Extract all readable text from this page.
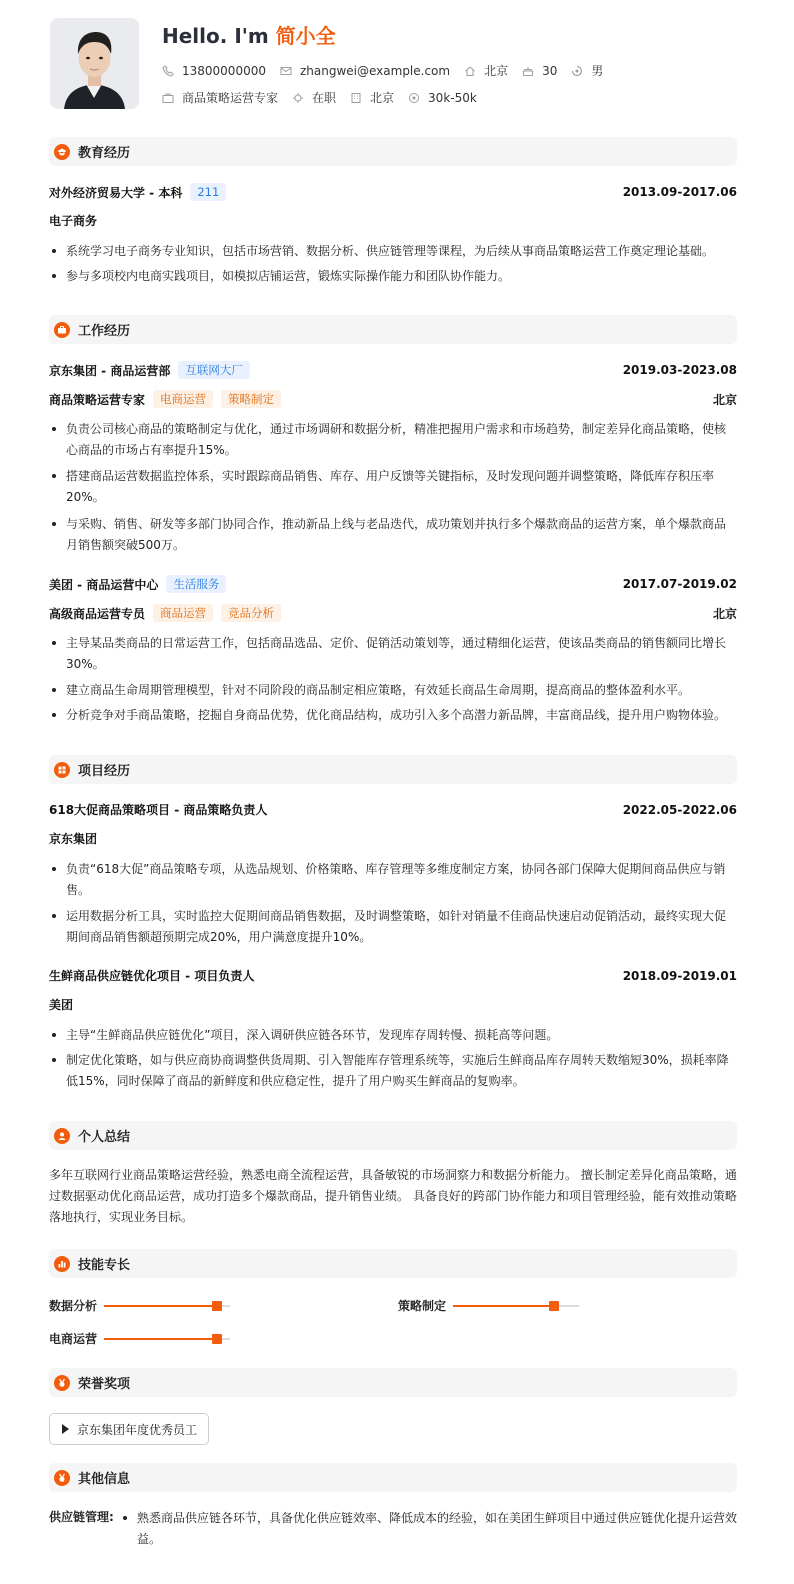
Hello. I'm 简小全
13800000000	zhangwei@example.com	北京	30	男
商品策略运营专家	在职	北京	30k-50k
教育经历
对外经济贸易大学 - 本科	211	2013.09-2017.06
电子商务
系统学习电子商务专业知识，包括市场营销、数据分析、供应链管理等课程，为后续从事商品策略运营工作奠定理论基础。
参与多项校内电商实践项目，如模拟店铺运营，锻炼实际操作能力和团队协作能力。
工作经历
京东集团 - 商品运营部	互联网大厂	2019.03-2023.08
商品策略运营专家	电商运营	策略制定	北京
负责公司核心商品的策略制定与优化，通过市场调研和数据分析，精准把握用户需求和市场趋势，制定差异化商品策略，使核心商品的市场占有率提升15%。
搭建商品运营数据监控体系，实时跟踪商品销售、库存、用户反馈等关键指标，及时发现问题并调整策略，降低库存积压率20%。
与采购、销售、研发等多部门协同合作，推动新品上线与老品迭代，成功策划并执行多个爆款商品的运营方案，单个爆款商品月销售额突破500万。
美团 - 商品运营中心	生活服务	2017.07-2019.02
高级商品运营专员	商品运营	竞品分析	北京
主导某品类商品的日常运营工作，包括商品选品、定价、促销活动策划等，通过精细化运营，使该品类商品的销售额同比增长30%。
建立商品生命周期管理模型，针对不同阶段的商品制定相应策略，有效延长商品生命周期，提高商品的整体盈利水平。
分析竞争对手商品策略，挖掘自身商品优势，优化商品结构，成功引入多个高潜力新品牌，丰富商品线，提升用户购物体验。
项目经历
618大促商品策略项目 - 商品策略负责人	2022.05-2022.06
京东集团
负责“618大促”商品策略专项，从选品规划、价格策略、库存管理等多维度制定方案，协同各部门保障大促期间商品供应与销售。
运用数据分析工具，实时监控大促期间商品销售数据，及时调整策略，如针对销量不佳商品快速启动促销活动，最终实现大促期间商品销售额超预期完成20%，用户满意度提升10%。
生鲜商品供应链优化项目 - 项目负责人	2018.09-2019.01
美团
主导“生鲜商品供应链优化”项目，深入调研供应链各环节，发现库存周转慢、损耗高等问题。
制定优化策略，如与供应商协商调整供货周期、引入智能库存管理系统等，实施后生鲜商品库存周转天数缩短30%，损耗率降低15%，同时保障了商品的新鲜度和供应稳定性，提升了用户购买生鲜商品的复购率。
个人总结
多年互联网行业商品策略运营经验，熟悉电商全流程运营，具备敏锐的市场洞察力和数据分析能力。 擅长制定差异化商品策略，通过数据驱动优化商品运营，成功打造多个爆款商品，提升销售业绩。 具备良好的跨部门协作能力和项目管理经验，能有效推动策略落地执行，实现业务目标。
技能专长
数据分析	策略制定
电商运营
荣誉奖项
京东集团年度优秀员工
其他信息
供应链管理:	熟悉商品供应链各环节，具备优化供应链效率、降低成本的经验，如在美团生鲜项目中通过供应链优化提升运营效益。
